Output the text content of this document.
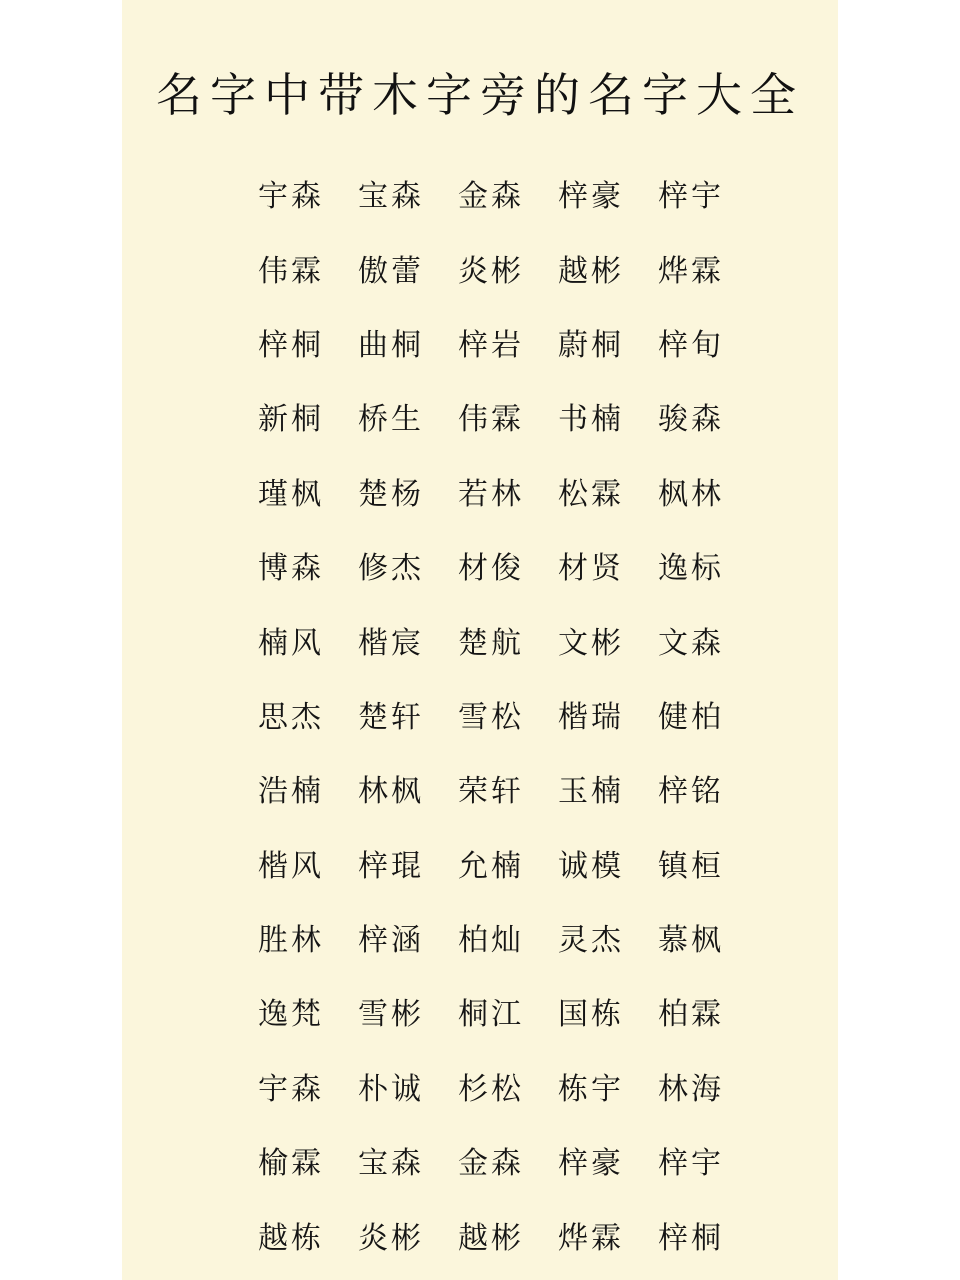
名字中带木字旁的名字大全
宇森	宝森	金森	梓豪	梓宇
伟霖	傲蕾	炎彬	越彬	烨霖
梓桐	曲桐	梓岩	蔚桐	梓旬
新桐	桥生	伟霖	书楠	骏森
瑾枫	楚杨	若林	松霖	枫林
博森	修杰	材俊	材贤	逸标
楠风	楷宸	楚航	文彬	文森
思杰	楚轩	雪松	楷瑞	健柏
浩楠	林枫	荣轩	玉楠	梓铭
楷风	梓琨	允楠	诚模	镇桓
胜林	梓涵	柏灿	灵杰	慕枫
逸梵	雪彬	桐江	国栋	柏霖
宇森	朴诚	杉松	栋宇	林海
榆霖	宝森	金森	梓豪	梓宇
越栋	炎彬	越彬	烨霖	梓桐
